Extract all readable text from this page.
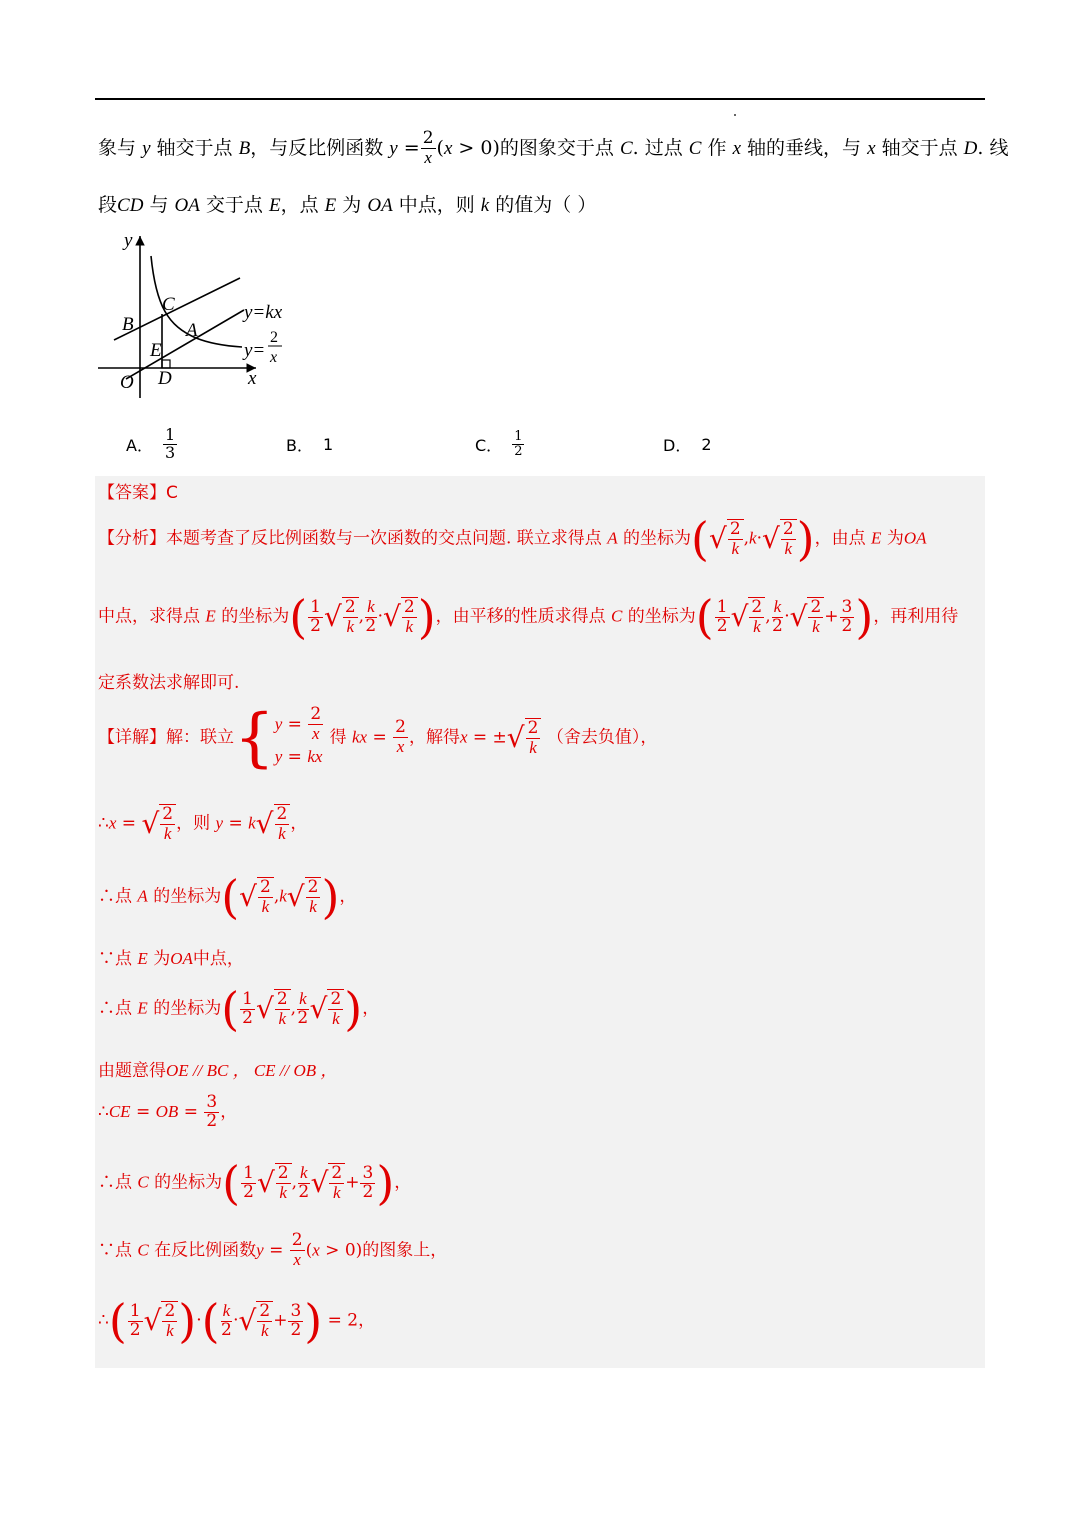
象与 y 轴交于点 B，与反比例函数 $y = \frac{2}{x} (x > 0)$的图象交于点 C. 过点 C 作 x 轴的垂线，与 x 轴交于点 D. 线
段CD 与 OA 交于点 E，点 E 为 OA 中点，则 k 的值为（ ）
y
x
O
B
C
A
E
D
y=kx
y=
2
x
A． $\frac{1}{3}$	B． 1	C． $\frac{1}{2}$	D． 2
【答案】C
【分析】本题考查了反比例函数与一次函数的交点问题. 联立求得点 A 的坐标为( √ $\frac{2}{k} ,k\cdot$ √ $\frac{2}{k}$ )，由点 E 为OA
中点，求得点 E 的坐标为( $\frac{1}{2}$ √ $\frac{2}{k}$ , $\frac{k}{2}$ · √ $\frac{2}{k}$ )，由平移的性质求得点 C 的坐标为( $\frac{1}{2}$ √ $\frac{2}{k}$ , $\frac{k}{2}$ · √ $\frac{2}{k} + \frac{3}{2}$ )，再利用待
定系数法求解即可.
【详解】解：联立{ $y = \frac{2}{x}$
y = kx
得 kx = $\frac{2}{x}$ ，解得x = ± √ $\frac{2}{k}$ （舍去负值），
∴x = √ $\frac{2}{k}$ ，则 y = k √ $\frac{2}{k}$ ，
∴点 A 的坐标为( √ $\frac{2}{k} ,k$ √ $\frac{2}{k}$ )，
∵点 E 为OA中点，
∴点 E 的坐标为( $\frac{1}{2}$ √ $\frac{2}{k}$ , $\frac{k}{2}$ √ $\frac{2}{k}$ )，
由题意得OE // BC ， CE // OB ，
∴CE = OB = $\frac{3}{2}$ ，
∴点 C 的坐标为( $\frac{1}{2}$ √ $\frac{2}{k}$ , $\frac{k}{2}$ √ $\frac{2}{k} + \frac{3}{2}$ )，
∵点 C 在反比例函数$y = \frac{2}{x} (x > 0)$的图象上，
∴( $\frac{1}{2}$ √ $\frac{2}{k}$ )·( $\frac{k}{2}$ · √ $\frac{2}{k} + \frac{3}{2}$ ) = 2，
